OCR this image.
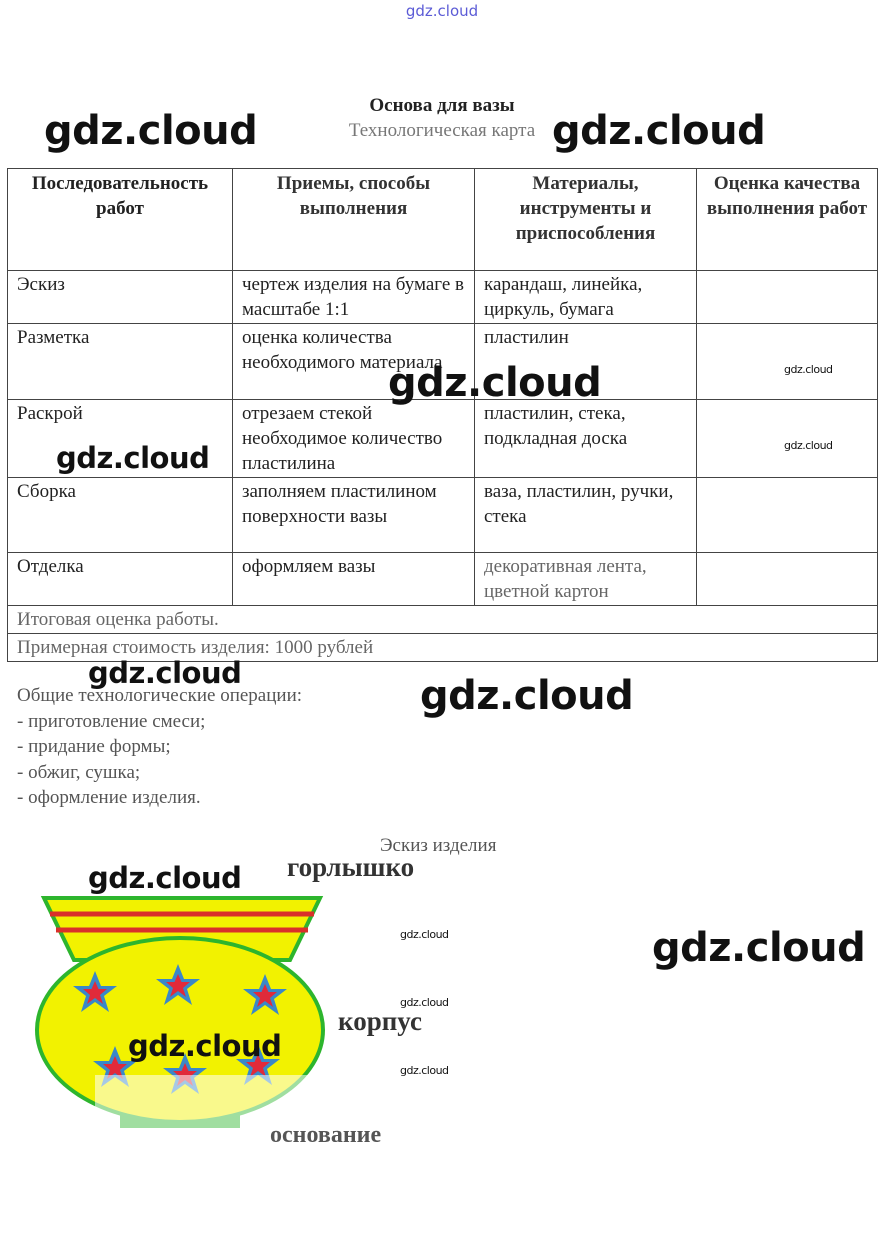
gdz.cloud
Основа для вазы
Технологическая карта
Последовательность работ	Приемы, способы выполнения	Материалы, инструменты и приспособления	Оценка качества выполнения работ
Эскиз	чертеж изделия на бумаге в масштабе 1:1	карандаш, линейка, циркуль, бумага	
Разметка	оценка количества необходимого материала	пластилин	
Раскрой	отрезаем стекой необходимое количество пластилина	пластилин, стека, подкладная доска	
Сборка	заполняем пластилином поверхности вазы	ваза, пластилин, ручки, стека	
Отделка	оформляем вазы	декоративная лента, цветной картон	
Итоговая оценка работы.			
Примерная стоимость изделия: 1000 рублей			
Общие технологические операции:
- приготовление смеси;
- придание формы;
- обжиг, сушка;
- оформление изделия.
Эскиз изделия
горлышко
корпус
основание
gdz.cloud	gdz.cloud
gdz.cloud
gdz.cloud
gdz.cloud	gdz.cloud
gdz.cloud
gdz.cloud
gdz.cloud
gdz.cloud
gdz.cloud
gdz.cloud
gdz.cloud
gdz.cloud
